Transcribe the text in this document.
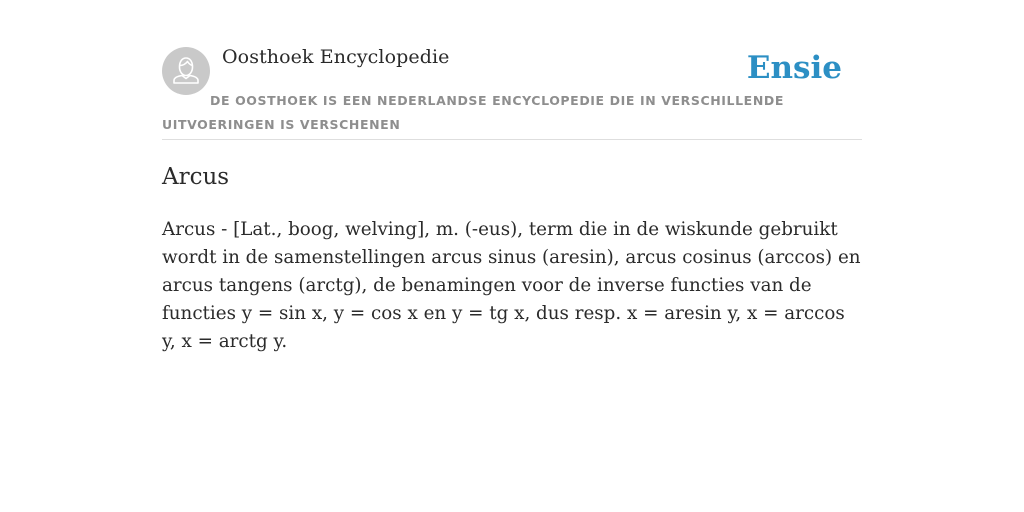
Oosthoek Encyclopedie	Ensie
DE OOSTHOEK IS EEN NEDERLANDSE ENCYCLOPEDIE DIE IN VERSCHILLENDE UITVOERINGEN IS VERSCHENEN
Arcus

Arcus - [Lat., boog, welving], m. (-eus), term die in de wiskunde gebruikt wordt in de samenstellingen arcus sinus (aresin), arcus cosinus (arccos) en arcus tangens (arctg), de benamingen voor de inverse functies van de functies y = sin x, y = cos x en y = tg x, dus resp. x = aresin y, x = arccos y, x = arctg y.
